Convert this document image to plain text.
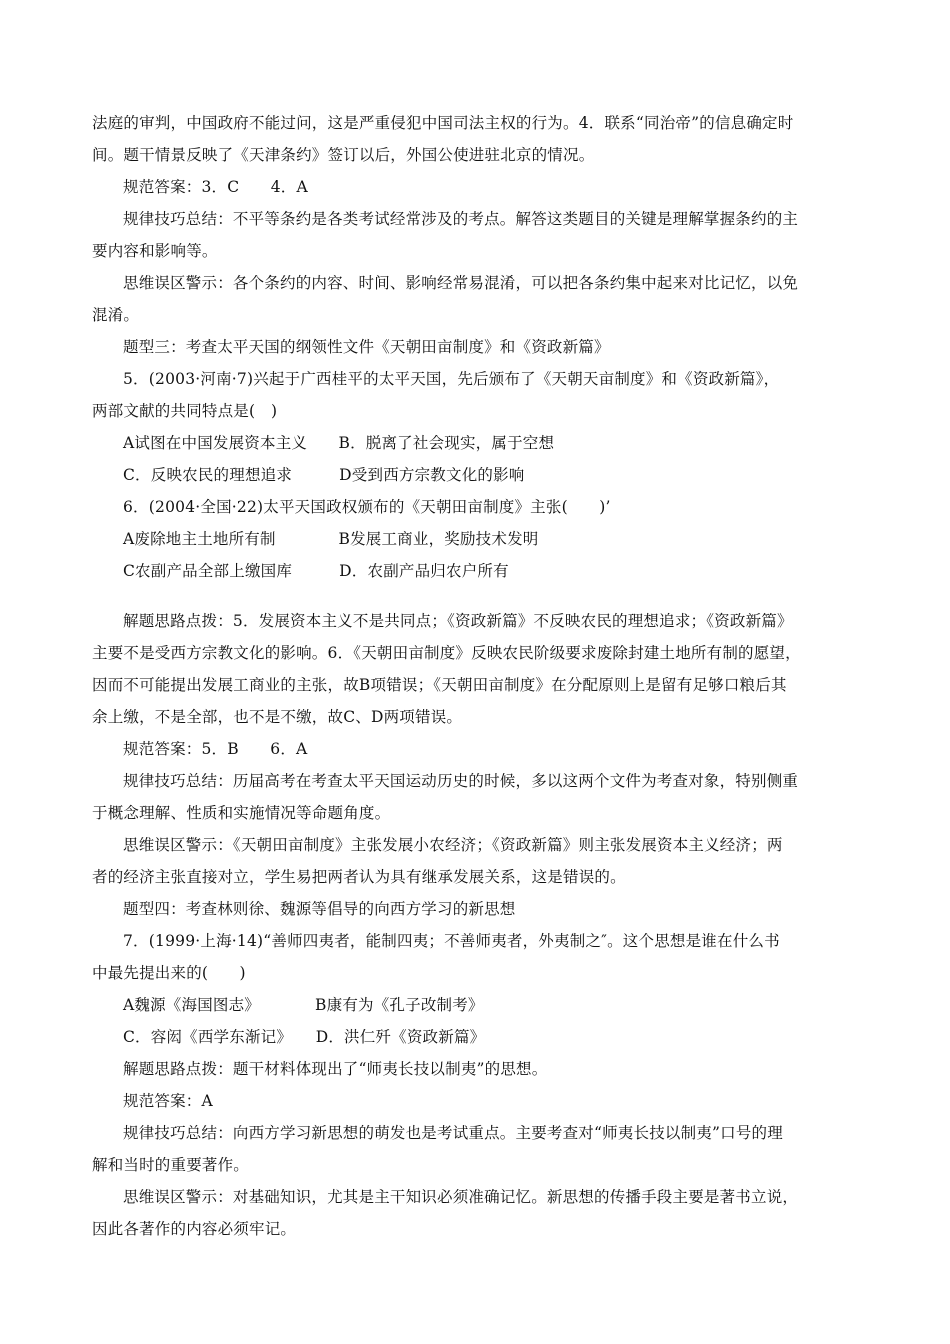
法庭的审判，中国政府不能过问，这是严重侵犯中国司法主权的行为。4．联系“同治帝”的信息确定时
间。题干情景反映了《天津条约》签订以后，外国公使进驻北京的情况。
规范答案：3．C　　4．A
规律技巧总结：不平等条约是各类考试经常涉及的考点。解答这类题目的关键是理解掌握条约的主
要内容和影响等。
思维误区警示：各个条约的内容、时间、影响经常易混淆，可以把各条约集中起来对比记忆，以免
混淆。
题型三：考查太平天国的纲领性文件《天朝田亩制度》和《资政新篇》
5．(2003·河南·7)兴起于广西桂平的太平天国，先后颁布了《天朝天亩制度》和《资政新篇》，
两部文献的共同特点是(　)
A试图在中国发展资本主义　　B．脱离了社会现实，属于空想
C．反映农民的理想追求　　　D受到西方宗教文化的影响
6．(2004·全国·22)太平天国政权颁布的《天朝田亩制度》主张(　　)’
A废除地主土地所有制　　　　B发展工商业，奖励技术发明
C农副产品全部上缴国库　　　D．农副产品归农户所有
解题思路点拨：5．发展资本主义不是共同点；《资政新篇》不反映农民的理想追求；《资政新篇》
主要不是受西方宗教文化的影响。6．《天朝田亩制度》反映农民阶级要求废除封建土地所有制的愿望，
因而不可能提出发展工商业的主张，故B项错误；《天朝田亩制度》在分配原则上是留有足够口粮后其
余上缴，不是全部，也不是不缴，故C、D两项错误。
规范答案：5．B　　6．A
规律技巧总结：历届高考在考查太平天国运动历史的时候，多以这两个文件为考查对象，特别侧重
于概念理解、性质和实施情况等命题角度。
思维误区警示：《天朝田亩制度》主张发展小农经济；《资政新篇》则主张发展资本主义经济；两
者的经济主张直接对立，学生易把两者认为具有继承发展关系，这是错误的。
题型四：考查林则徐、魏源等倡导的向西方学习的新思想
7．(1999·上海·14)“善师四夷者，能制四夷；不善师夷者，外夷制之″。这个思想是谁在什么书
中最先提出来的(　　)
A魏源《海国图志》　　　　B康有为《孔子改制考》
C．容闳《西学东渐记》　　D．洪仁歼《资政新篇》
解题思路点拨：题干材料体现出了“师夷长技以制夷”的思想。
规范答案：A
规律技巧总结：向西方学习新思想的萌发也是考试重点。主要考查对“师夷长技以制夷”口号的理
解和当时的重要著作。
思维误区警示：对基础知识，尤其是主干知识必须准确记忆。新思想的传播手段主要是著书立说，
因此各著作的内容必须牢记。
